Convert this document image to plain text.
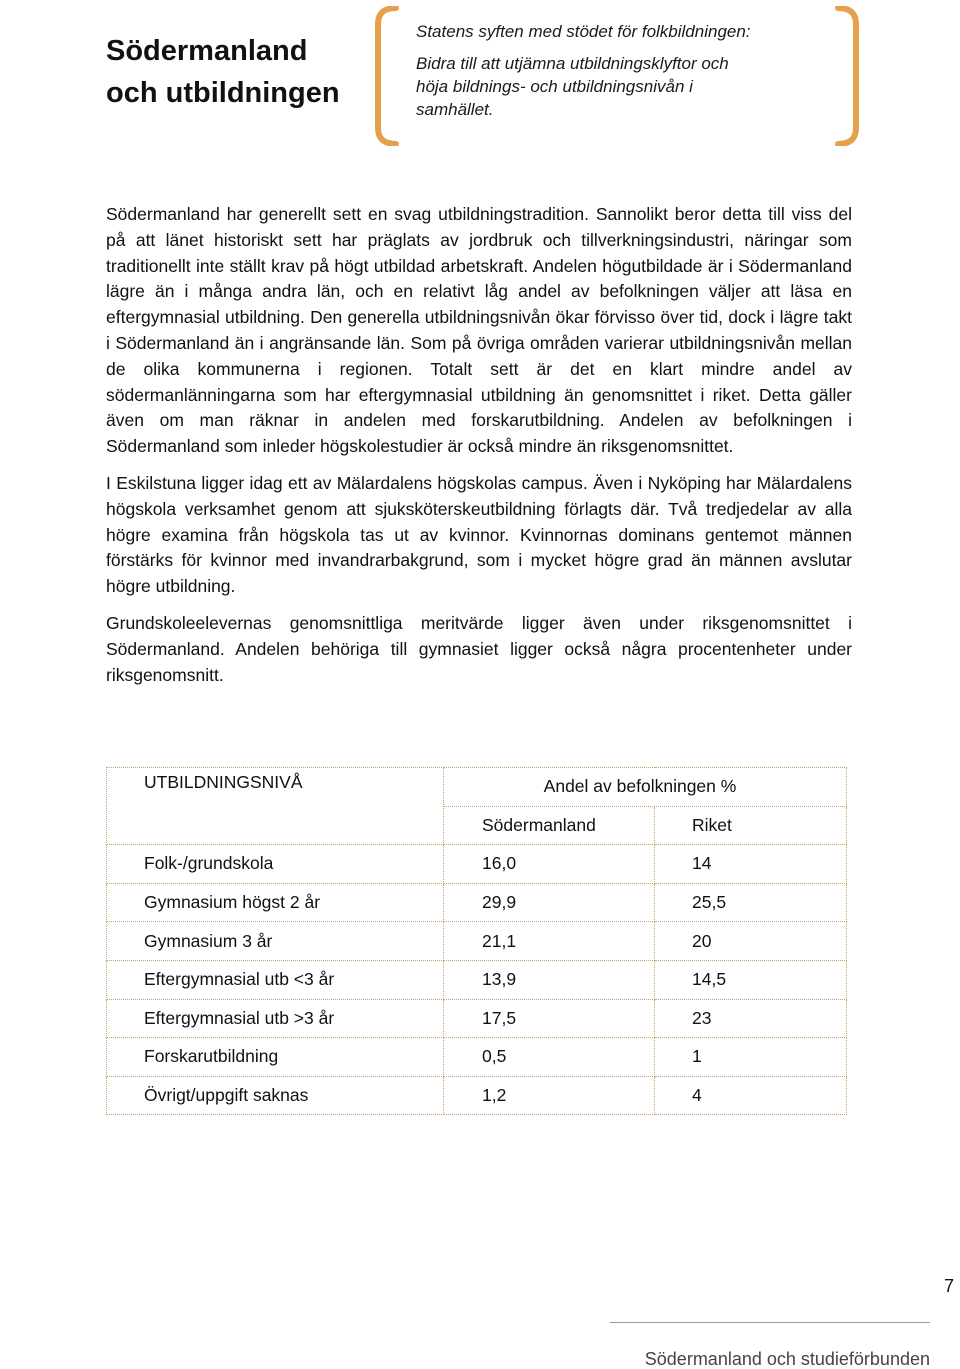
Södermanland
och utbildningen

Statens syften med stödet för folkbildningen:

Bidra till att utjämna utbildningsklyftor och
höja bildnings- och utbildningsnivån i
samhället.

Södermanland har generellt sett en svag utbildningstradition. Sannolikt beror detta till viss del på att länet historiskt sett har präglats av jordbruk och tillverkningsindustri, näringar som traditionellt inte ställt krav på högt utbildad arbetskraft. Andelen högutbildade är i Södermanland lägre än i många andra län, och en relativt låg andel av befolkningen väljer att läsa en eftergymnasial utbildning. Den generella utbildningsnivån ökar förvisso över tid, dock i lägre takt i Södermanland än i angränsande län. Som på övriga områden varierar utbildningsnivån mellan de olika kommunerna i regionen. Totalt sett är det en klart mindre andel av södermanlänningarna som har eftergymnasial utbildning än genomsnittet i riket. Detta gäller även om man räknar in andelen med forskarutbildning. Andelen av befolkningen i Södermanland som inleder högskolestudier är också mindre än riksgenomsnittet.

I Eskilstuna ligger idag ett av Mälardalens högskolas campus. Även i Nyköping har Mälardalens högskola verksamhet genom att sjuksköterskeutbildning förlagts där. Två tredjedelar av alla högre examina från högskola tas ut av kvinnor. Kvinnornas dominans gentemot männen förstärks för kvinnor med invandrarbakgrund, som i mycket högre grad än männen avslutar högre utbildning.

Grundskoleelevernas genomsnittliga meritvärde ligger även under riksgenomsnittet i Södermanland. Andelen behöriga till gymnasiet ligger också några procentenheter under riksgenomsnitt.

UTBILDNINGSNIVÅ	Andel av befolkningen %	
	Södermanland	Riket
Folk-/grundskola	16,0	14
Gymnasium högst 2 år	29,9	25,5
Gymnasium 3 år	21,1	20
Eftergymnasial utb <3 år	13,9	14,5
Eftergymnasial utb >3 år	17,5	23
Forskarutbildning	0,5	1
Övrigt/uppgift saknas	1,2	4
7
Södermanland och studieförbunden
